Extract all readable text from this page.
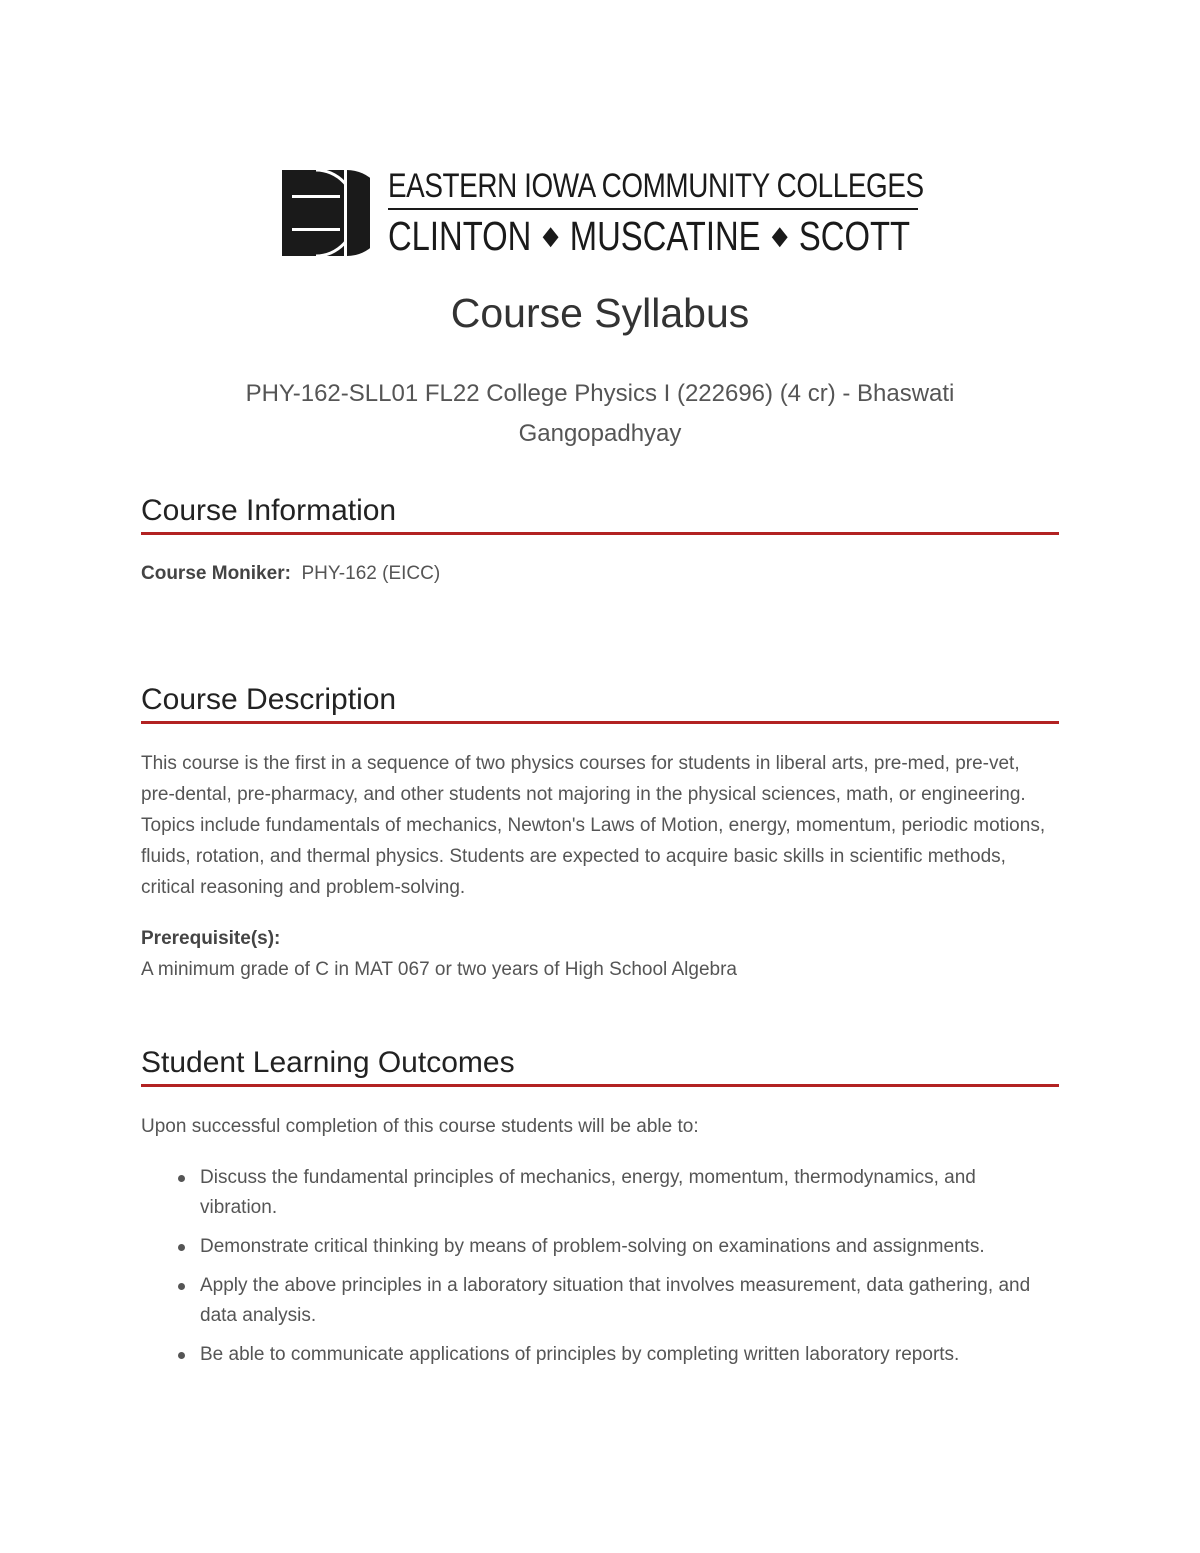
EASTERN IOWA COMMUNITY COLLEGES
CLINTON ◆ MUSCATINE ◆ SCOTT
Course Syllabus
PHY-162-SLL01 FL22 College Physics I (222696) (4 cr) - Bhaswati Gangopadhyay
Course Information
Course Moniker: PHY-162 (EICC)
Course Description
This course is the first in a sequence of two physics courses for students in liberal arts, pre-med, pre-vet, pre-dental, pre-pharmacy, and other students not majoring in the physical sciences, math, or engineering. Topics include fundamentals of mechanics, Newton's Laws of Motion, energy, momentum, periodic motions, fluids, rotation, and thermal physics. Students are expected to acquire basic skills in scientific methods, critical reasoning and problem-solving.
Prerequisite(s):
A minimum grade of C in MAT 067 or two years of High School Algebra
Student Learning Outcomes
Upon successful completion of this course students will be able to:
Discuss the fundamental principles of mechanics, energy, momentum, thermodynamics, and vibration.
Demonstrate critical thinking by means of problem-solving on examinations and assignments.
Apply the above principles in a laboratory situation that involves measurement, data gathering, and data analysis.
Be able to communicate applications of principles by completing written laboratory reports.
